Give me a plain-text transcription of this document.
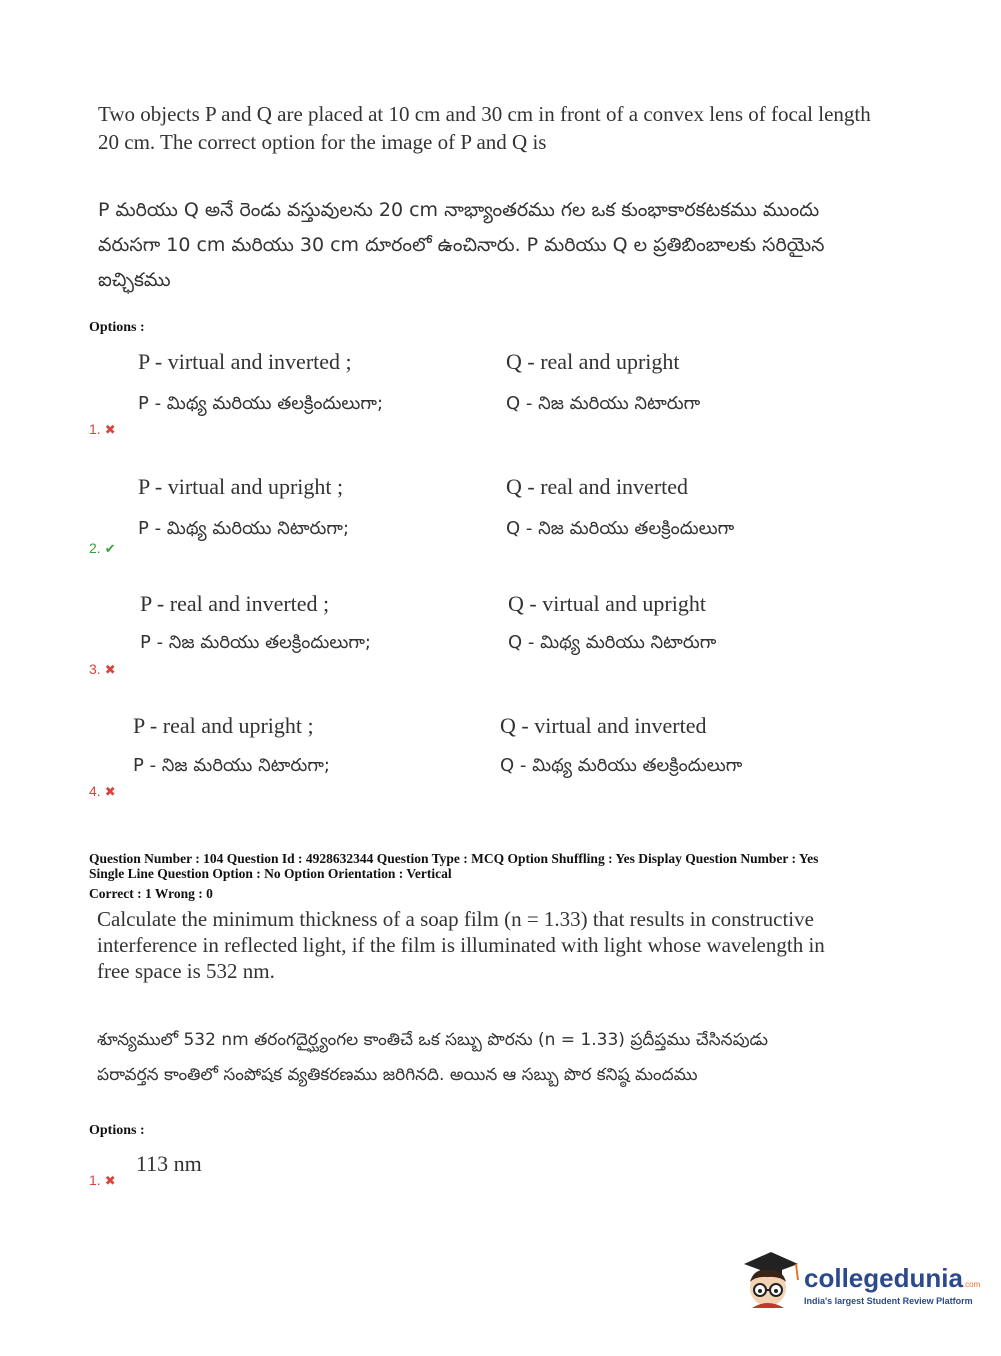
Two objects P and Q are placed at 10 cm and 30 cm in front of a convex lens of focal length
20 cm. The correct option for the image of P and Q is
P మరియు Q అనే రెండు వస్తువులను 20 cm నాభ్యాంతరము గల ఒక కుంభాకారకటకము ముందు
వరుసగా 10 cm మరియు 30 cm దూరంలో ఉంచినారు. P మరియు Q ల ప్రతిబింబాలకు సరియైన
ఐచ్ఛికము
Options :
P - virtual and inverted ;	Q - real and upright
P - మిథ్య మరియు తలక్రిందులుగా;	Q - నిజ మరియు నిటారుగా
1. ✖
P - virtual and upright ;	Q - real and inverted
P - మిథ్య మరియు నిటారుగా;	Q - నిజ మరియు తలక్రిందులుగా
2. ✔
P - real and inverted ;	Q - virtual and upright
P - నిజ మరియు తలక్రిందులుగా;	Q - మిథ్య మరియు నిటారుగా
3. ✖
P - real and upright ;	Q - virtual and inverted
P - నిజ మరియు నిటారుగా;	Q - మిథ్య మరియు తలక్రిందులుగా
4. ✖
Question Number : 104 Question Id : 4928632344 Question Type : MCQ Option Shuffling : Yes Display Question Number : Yes
Single Line Question Option : No Option Orientation : Vertical
Correct : 1 Wrong : 0
Calculate the minimum thickness of a soap film (n = 1.33) that results in constructive
interference in reflected light, if the film is illuminated with light whose wavelength in
free space is 532 nm.
శూన్యములో 532 nm తరంగదైర్ఘ్యంగల కాంతిచే ఒక సబ్బు పొరను (n = 1.33) ప్రదీప్తము చేసినపుడు
పరావర్తన కాంతిలో సంపోషక వ్యతికరణము జరిగినది. అయిన ఆ సబ్బు పొర కనిష్ఠ మందము
Options :
113 nm
1. ✖
collegedunia.com
India's largest Student Review Platform
